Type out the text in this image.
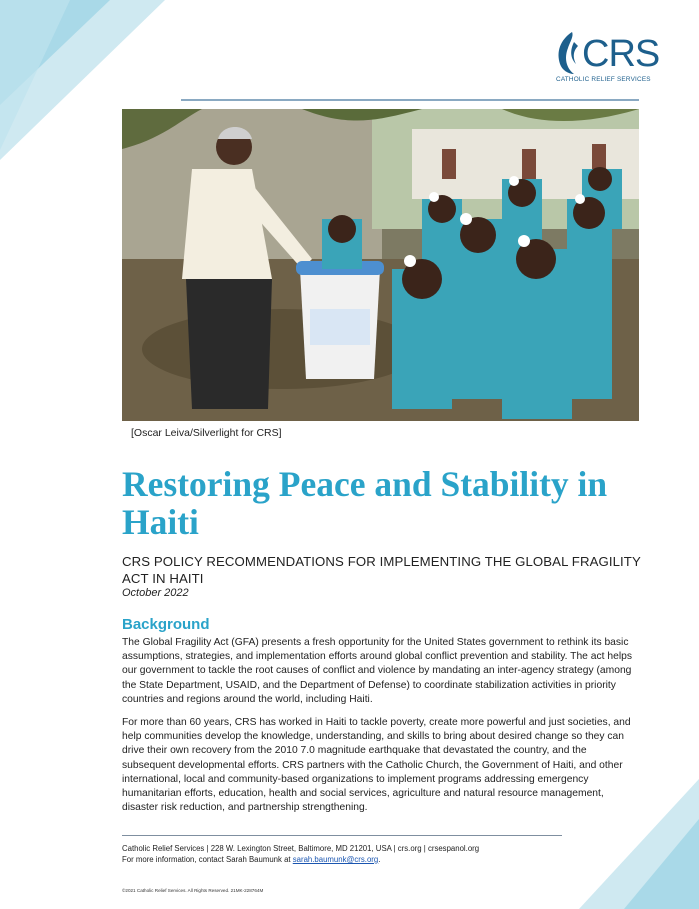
CRS
CATHOLIC RELIEF SERVICES
[Oscar Leiva/Silverlight for CRS]
Restoring Peace and Stability in Haiti

CRS POLICY RECOMMENDATIONS FOR IMPLEMENTING THE GLOBAL FRAGILITY ACT IN HAITI

October 2022
Background

The Global Fragility Act (GFA) presents a fresh opportunity for the United States government to rethink its basic assumptions, strategies, and implementation efforts around global conflict prevention and stability. The act helps our government to tackle the root causes of conflict and violence by mandating an inter-agency strategy (among the State Department, USAID, and the Department of Defense) to coordinate stabilization activities in priority countries and regions around the world, including Haiti.

For more than 60 years, CRS has worked in Haiti to tackle poverty, create more powerful and just societies, and help communities develop the knowledge, understanding, and skills to bring about desired change so they can drive their own recovery from the 2010 7.0 magnitude earthquake that devastated the country, and the subsequent developmental efforts. CRS partners with the Catholic Church, the Government of Haiti, and other international, local and community-based organizations to implement programs addressing emergency humanitarian efforts, education, health and social services, agriculture and natural resource management, disaster risk reduction, and partnership strengthening.

Catholic Relief Services | 228 W. Lexington Street, Baltimore, MD 21201, USA | crs.org | crsespanol.org
For more information, contact Sarah Baumunk at sarah.baumunk@crs.org.
©2021 Catholic Relief Services. All Rights Reserved. 21MK-228764M
